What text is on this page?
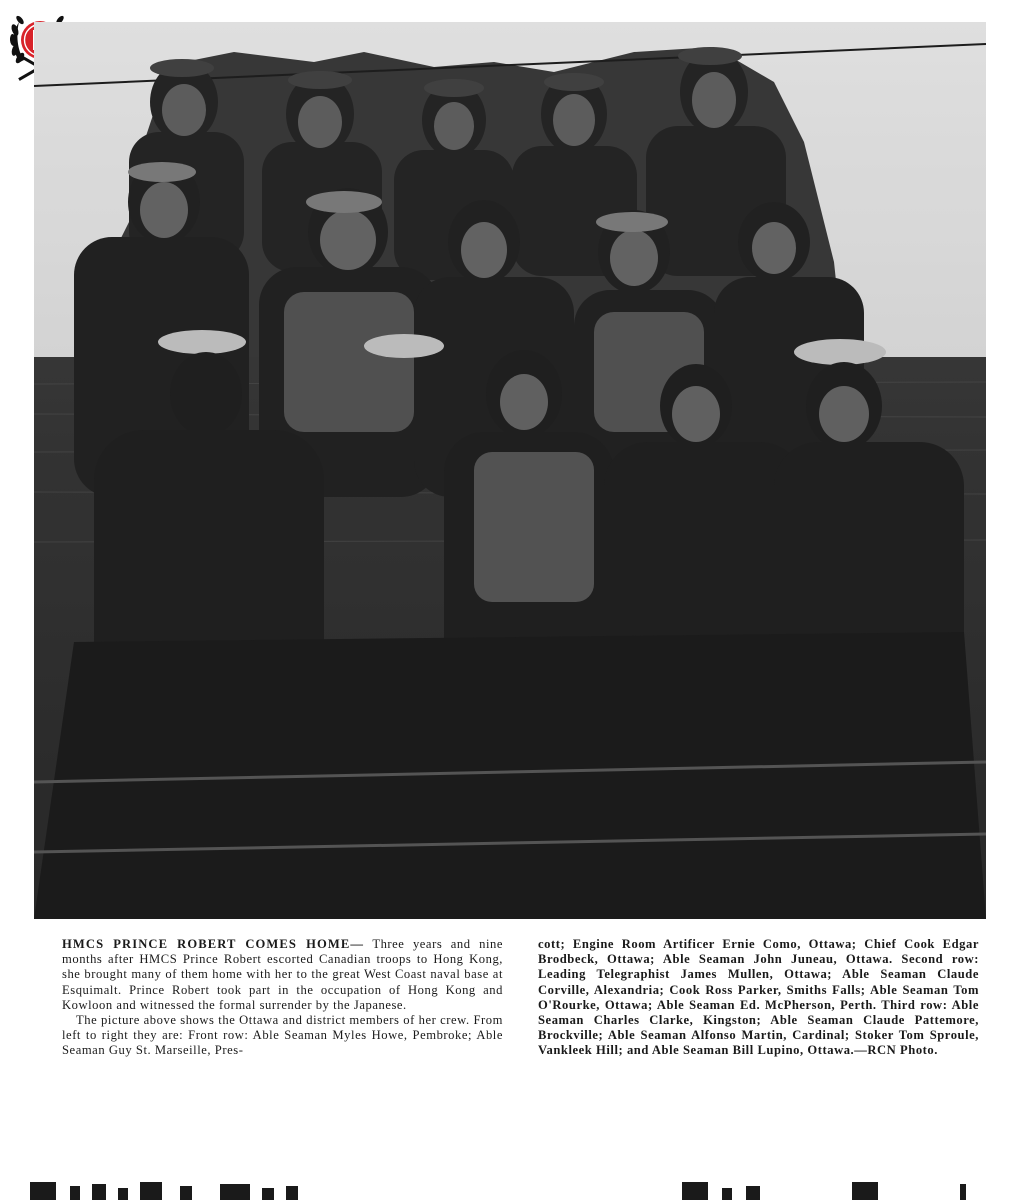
HMCS PRINCE ROBERT COMES HOME— Three years and nine months after HMCS Prince Robert escorted Canadian troops to Hong Kong, she brought many of them home with her to the great West Coast naval base at Esquimalt. Prince Robert took part in the occupation of Hong Kong and Kowloon and witnessed the formal surrender by the Japanese.

The picture above shows the Ottawa and district members of her crew. From left to right they are: Front row: Able Seaman Myles Howe, Pembroke; Able Seaman Guy St. Marseille, Pres-

cott; Engine Room Artificer Ernie Como, Ottawa; Chief Cook Edgar Brodbeck, Ottawa; Able Seaman John Juneau, Ottawa. Second row: Leading Telegraphist James Mullen, Ottawa; Able Seaman Claude Corville, Alexandria; Cook Ross Parker, Smiths Falls; Able Seaman Tom O'Rourke, Ottawa; Able Seaman Ed. McPherson, Perth. Third row: Able Seaman Charles Clarke, Kingston; Able Seaman Claude Pattemore, Brockville; Able Seaman Alfonso Martin, Cardinal; Stoker Tom Sproule, Vankleek Hill; and Able Seaman Bill Lupino, Ottawa.—RCN Photo.
